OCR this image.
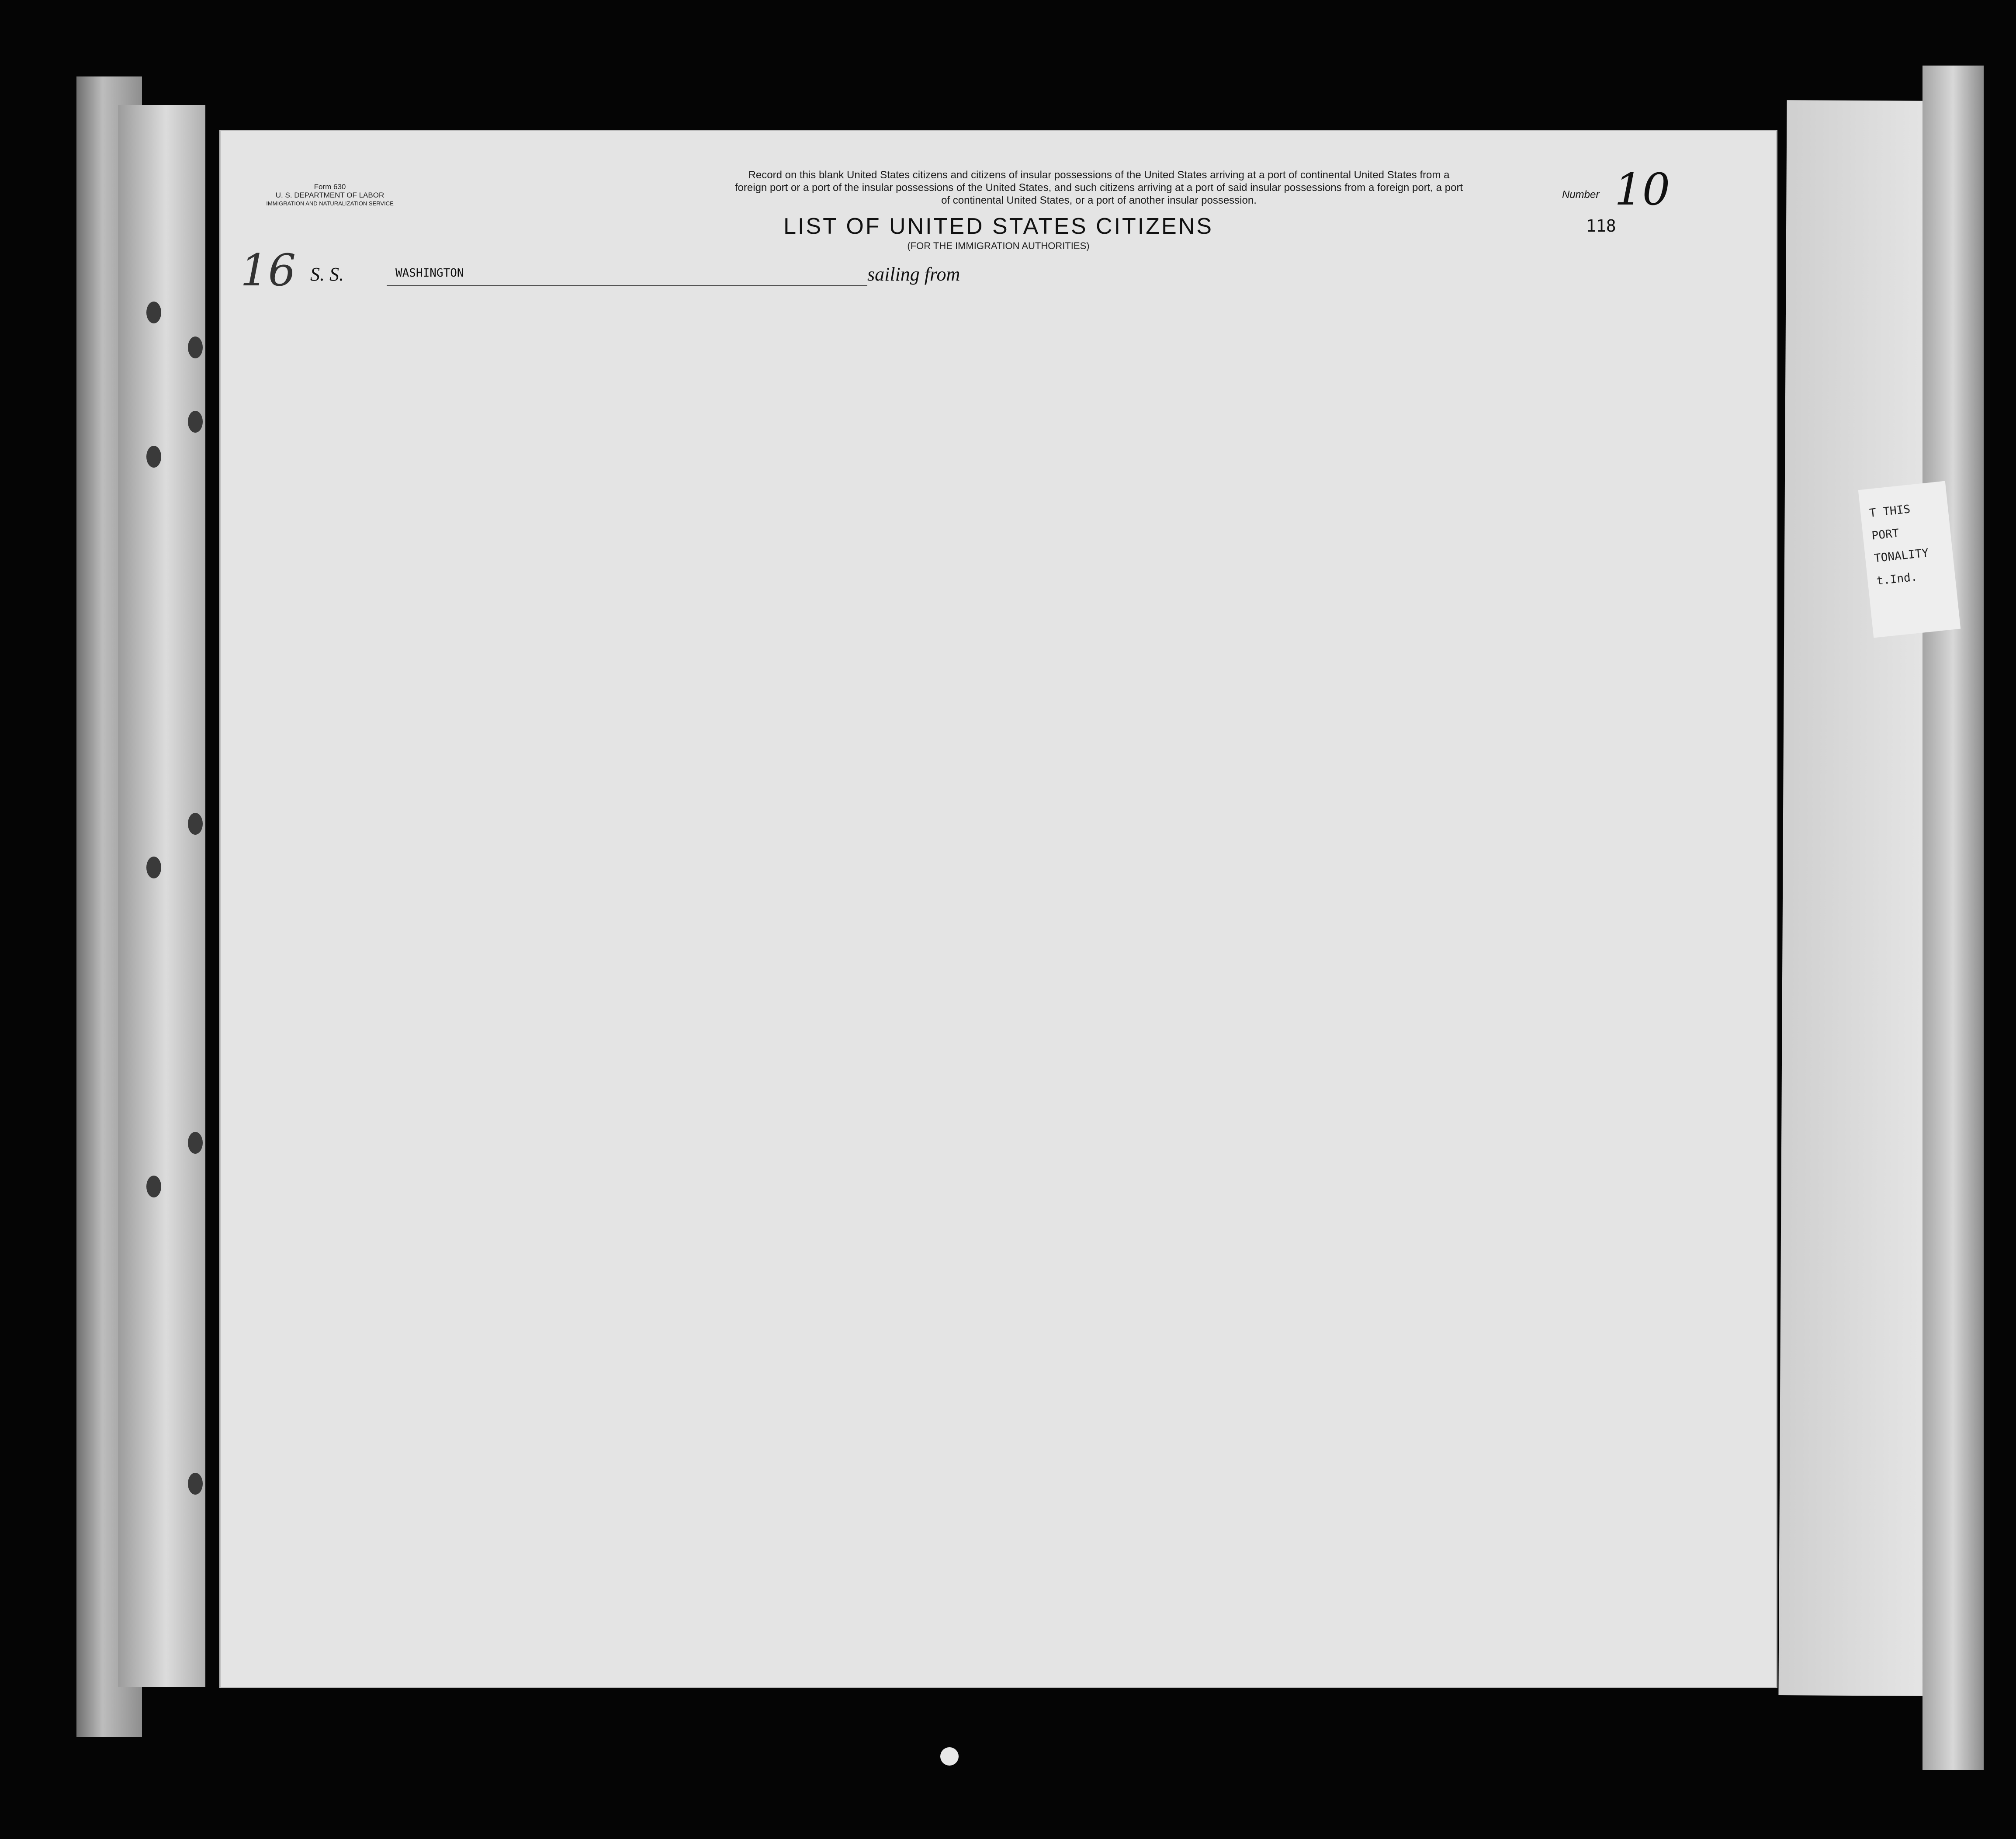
T THIS PORT
TONALITY
t.Ind.
Form 630
U. S. DEPARTMENT OF LABOR
IMMIGRATION AND NATURALIZATION SERVICE
Record on this blank United States citizens and citizens of insular possessions of the United States arriving at a port of continental United States from a
foreign port or a port of the insular possessions of the United States, and such citizens arriving at a port of said insular possessions from a foreign port, a port
of continental United States, or a port of another insular possession.	Number 10
118
16
LIST OF UNITED STATES CITIZENS
(FOR THE IMMIGRATION AUTHORITIES)
S. S.	WASHINGTON	sailing from
